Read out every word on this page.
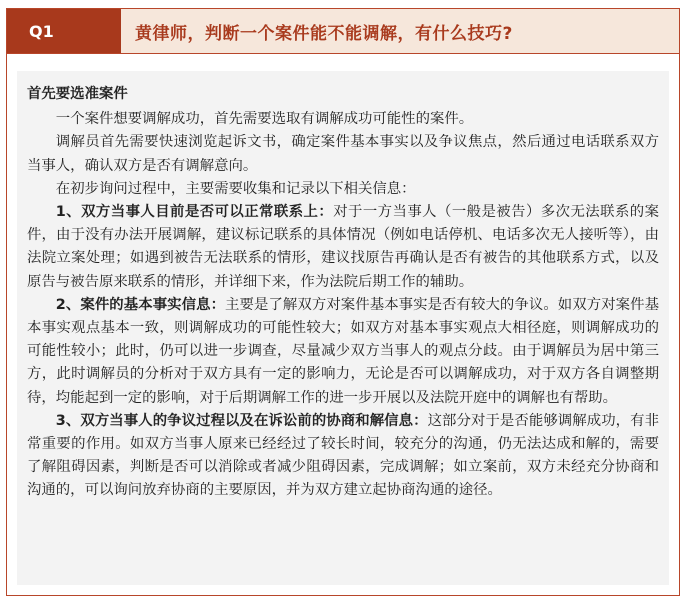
Q1	黄律师，判断一个案件能不能调解，有什么技巧?

首先要选准案件

一个案件想要调解成功，首先需要选取有调解成功可能性的案件。

调解员首先需要快速浏览起诉文书，确定案件基本事实以及争议焦点，然后通过电话联系双方当事人，确认双方是否有调解意向。

在初步询问过程中，主要需要收集和记录以下相关信息：

1、双方当事人目前是否可以正常联系上：对于一方当事人（一般是被告）多次无法联系的案件，由于没有办法开展调解，建议标记联系的具体情况（例如电话停机、电话多次无人接听等），由法院立案处理；如遇到被告无法联系的情形，建议找原告再确认是否有被告的其他联系方式，以及原告与被告原来联系的情形，并详细下来，作为法院后期工作的辅助。

2、案件的基本事实信息：主要是了解双方对案件基本事实是否有较大的争议。如双方对案件基本事实观点基本一致，则调解成功的可能性较大；如双方对基本事实观点大相径庭，则调解成功的可能性较小；此时，仍可以进一步调查，尽量减少双方当事人的观点分歧。由于调解员为居中第三方，此时调解员的分析对于双方具有一定的影响力，无论是否可以调解成功，对于双方各自调整期待，均能起到一定的影响，对于后期调解工作的进一步开展以及法院开庭中的调解也有帮助。

3、双方当事人的争议过程以及在诉讼前的协商和解信息：这部分对于是否能够调解成功，有非常重要的作用。如双方当事人原来已经经过了较长时间，较充分的沟通，仍无法达成和解的，需要了解阻碍因素，判断是否可以消除或者减少阻碍因素，完成调解；如立案前，双方未经充分协商和沟通的，可以询问放弃协商的主要原因，并为双方建立起协商沟通的途径。
